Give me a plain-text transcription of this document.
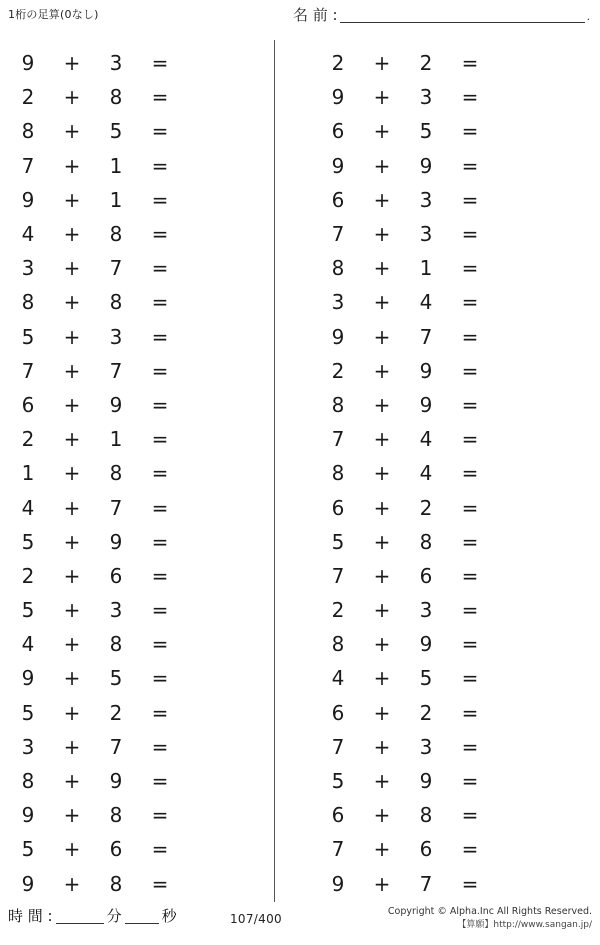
1桁の足算(0なし)	名 前 :	.
9	+	3	=
2	+	8	=
8	+	5	=
7	+	1	=
9	+	1	=
4	+	8	=
3	+	7	=
8	+	8	=
5	+	3	=
7	+	7	=
6	+	9	=
2	+	1	=
1	+	8	=
4	+	7	=
5	+	9	=
2	+	6	=
5	+	3	=
4	+	8	=
9	+	5	=
5	+	2	=
3	+	7	=
8	+	9	=
9	+	8	=
5	+	6	=
9	+	8	=
2	+	2	=
9	+	3	=
6	+	5	=
9	+	9	=
6	+	3	=
7	+	3	=
8	+	1	=
3	+	4	=
9	+	7	=
2	+	9	=
8	+	9	=
7	+	4	=
8	+	4	=
6	+	2	=
5	+	8	=
7	+	6	=
2	+	3	=
8	+	9	=
4	+	5	=
6	+	2	=
7	+	3	=
5	+	9	=
6	+	8	=
7	+	6	=
9	+	7	=
時 間 :	分	秒	107/400
Copyright © Alpha.Inc All Rights Reserved.
【算願】http://www.sangan.jp/
